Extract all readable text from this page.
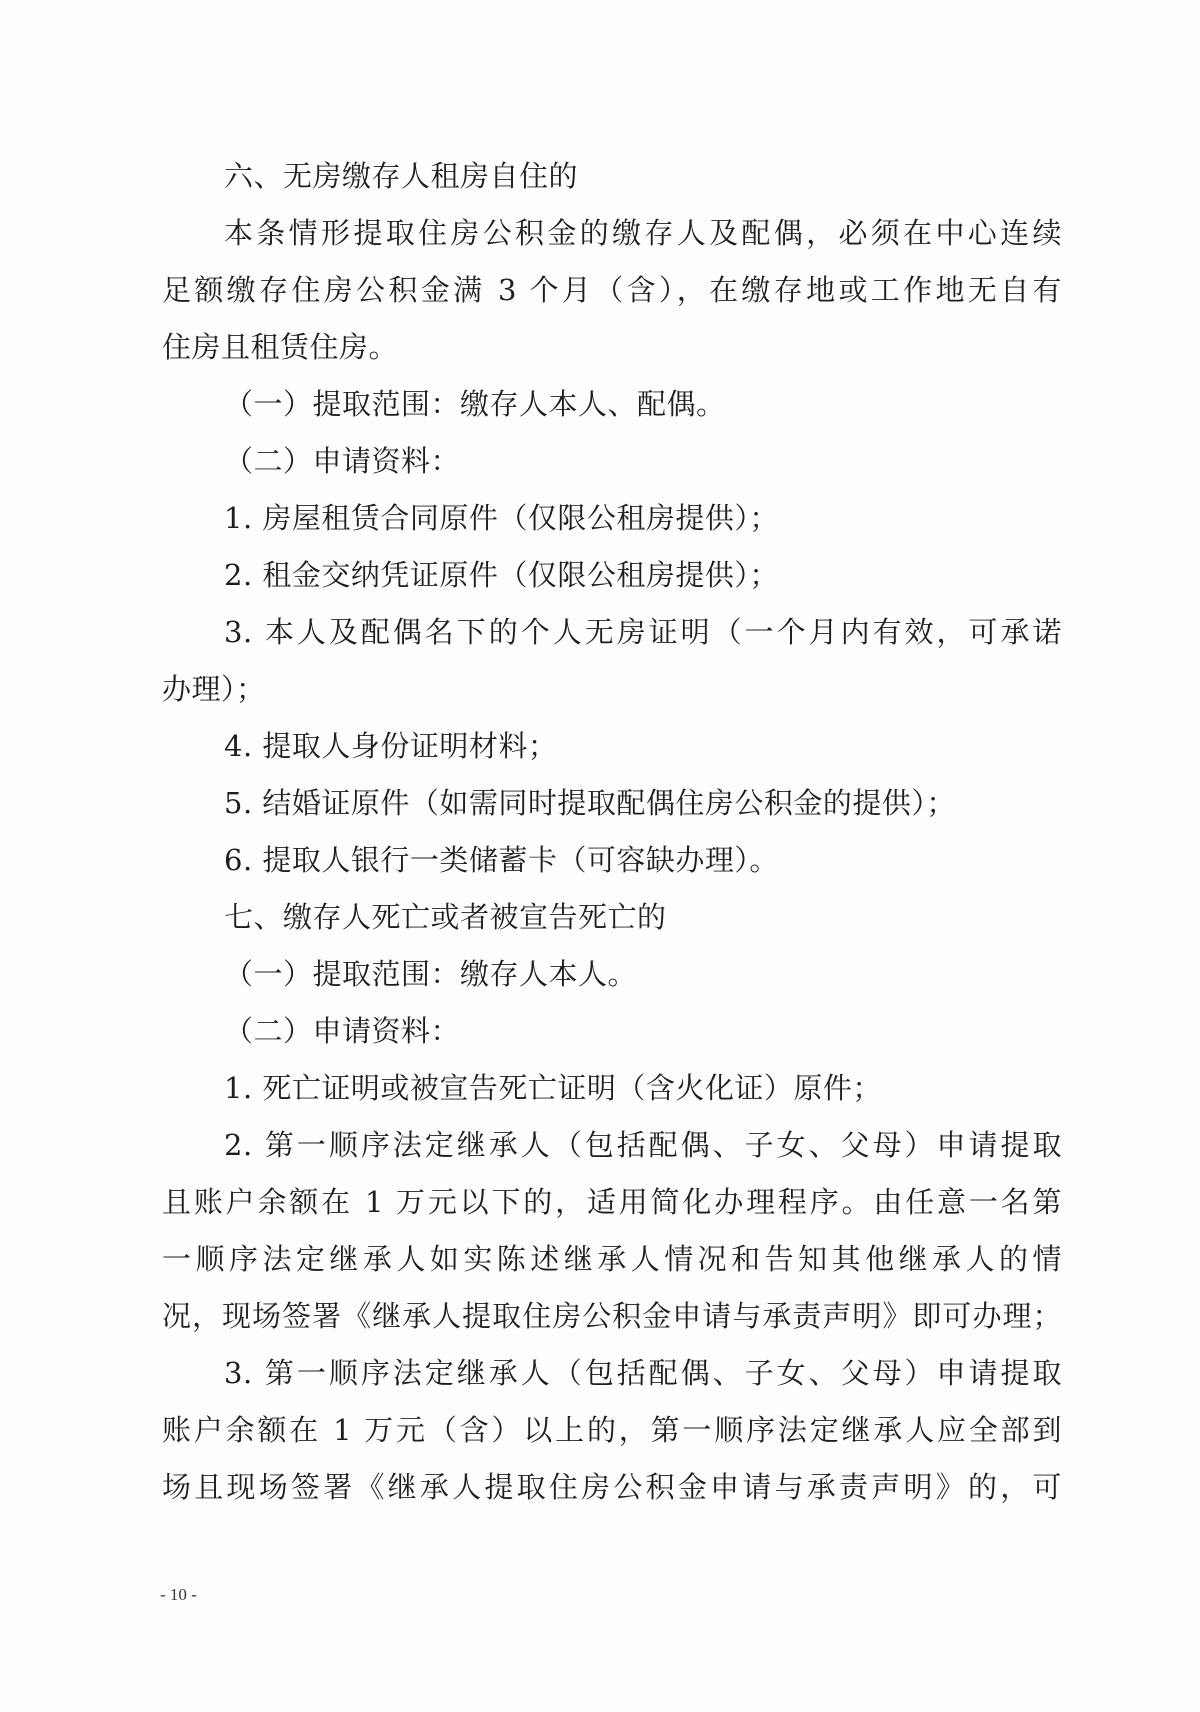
六、无房缴存人租房自住的
本条情形提取住房公积金的缴存人及配偶，必须在中心连续
足额缴存住房公积金满 3 个月（含），在缴存地或工作地无自有
住房且租赁住房。
（一）提取范围：缴存人本人、配偶。
（二）申请资料：
1. 房屋租赁合同原件（仅限公租房提供）；
2. 租金交纳凭证原件（仅限公租房提供）；
3. 本人及配偶名下的个人无房证明（一个月内有效，可承诺
办理）；
4. 提取人身份证明材料；
5. 结婚证原件（如需同时提取配偶住房公积金的提供）；
6. 提取人银行一类储蓄卡（可容缺办理）。
七、缴存人死亡或者被宣告死亡的
（一）提取范围：缴存人本人。
（二）申请资料：
1. 死亡证明或被宣告死亡证明（含火化证）原件；
2. 第一顺序法定继承人（包括配偶、子女、父母）申请提取
且账户余额在 1 万元以下的，适用简化办理程序。由任意一名第
一顺序法定继承人如实陈述继承人情况和告知其他继承人的情
况，现场签署《继承人提取住房公积金申请与承责声明》即可办理；
3. 第一顺序法定继承人（包括配偶、子女、父母）申请提取
账户余额在 1 万元（含）以上的，第一顺序法定继承人应全部到
场且现场签署《继承人提取住房公积金申请与承责声明》的，可
- 10 -
